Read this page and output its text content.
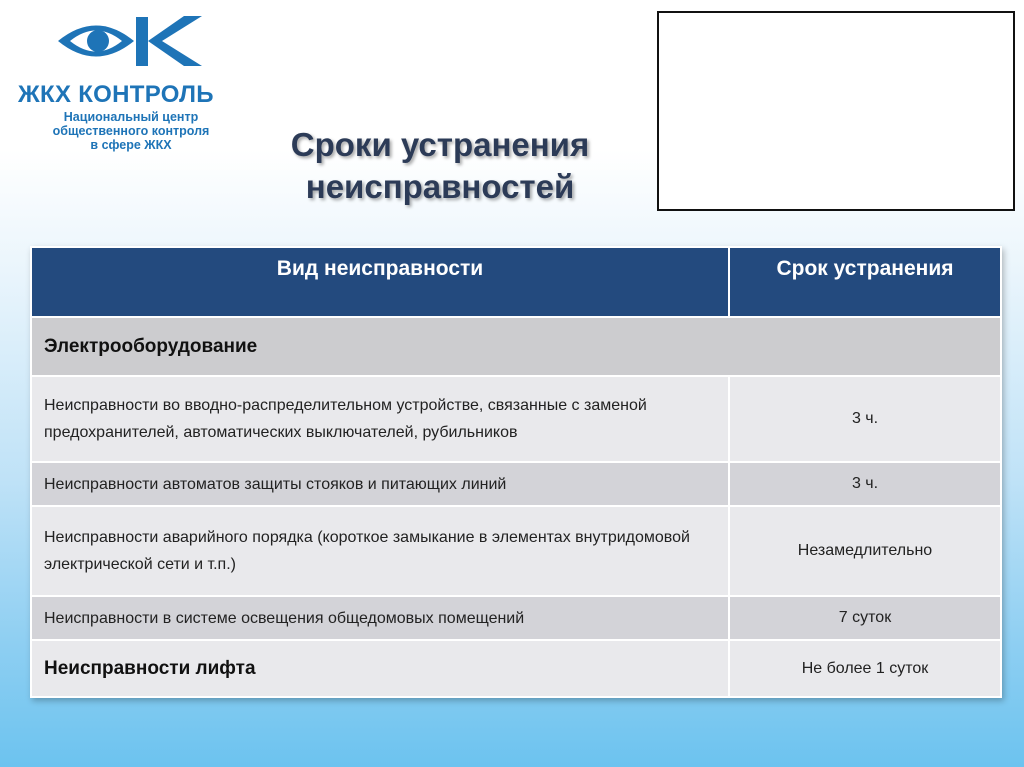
ЖКХ КОНТРОЛЬ
Национальный центр
общественного контроля
в сфере ЖКХ	Сроки устранения
неисправностей
Вид неисправности	Срок устранения
Электрооборудование	
Неисправности во вводно-распределительном устройстве, связанные с заменой предохранителей, автоматических выключателей, рубильников	3 ч.
Неисправности автоматов защиты стояков и питающих линий	3 ч.
Неисправности аварийного порядка (короткое замыкание в элементах внутридомовой электрической сети и т.п.)	Незамедлительно
Неисправности в системе освещения общедомовых помещений	7 суток
Неисправности лифта	Не более 1 суток
